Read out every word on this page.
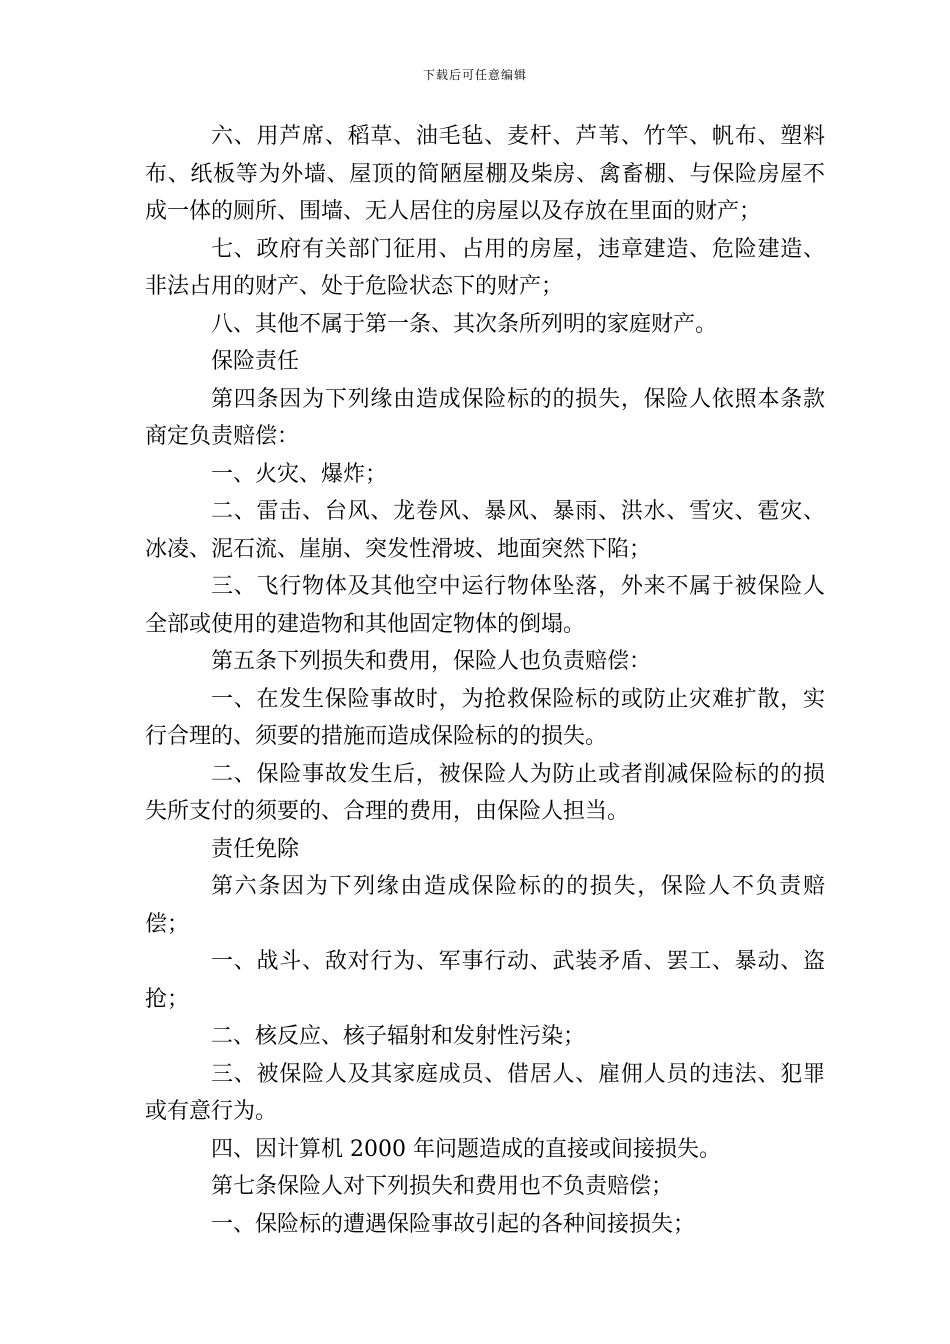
下载后可任意编辑

六、用芦席、稻草、油毛毡、麦杆、芦苇、竹竿、帆布、塑料布、纸板等为外墙、屋顶的简陋屋棚及柴房、禽畜棚、与保险房屋不成一体的厕所、围墙、无人居住的房屋以及存放在里面的财产；

七、政府有关部门征用、占用的房屋，违章建造、危险建造、非法占用的财产、处于危险状态下的财产；

八、其他不属于第一条、其次条所列明的家庭财产。

保险责任

第四条因为下列缘由造成保险标的的损失，保险人依照本条款商定负责赔偿：

一、火灾、爆炸；

二、雷击、台风、龙卷风、暴风、暴雨、洪水、雪灾、雹灾、冰凌、泥石流、崖崩、突发性滑坡、地面突然下陷；

三、飞行物体及其他空中运行物体坠落，外来不属于被保险人全部或使用的建造物和其他固定物体的倒塌。

第五条下列损失和费用，保险人也负责赔偿：

一、在发生保险事故时，为抢救保险标的或防止灾难扩散，实行合理的、须要的措施而造成保险标的的损失。

二、保险事故发生后，被保险人为防止或者削减保险标的的损失所支付的须要的、合理的费用，由保险人担当。

责任免除

第六条因为下列缘由造成保险标的的损失，保险人不负责赔偿；

一、战斗、敌对行为、军事行动、武装矛盾、罢工、暴动、盗抢；

二、核反应、核子辐射和发射性污染；

三、被保险人及其家庭成员、借居人、雇佣人员的违法、犯罪或有意行为。

四、因计算机 2000 年问题造成的直接或间接损失。

第七条保险人对下列损失和费用也不负责赔偿；

一、保险标的遭遇保险事故引起的各种间接损失；
